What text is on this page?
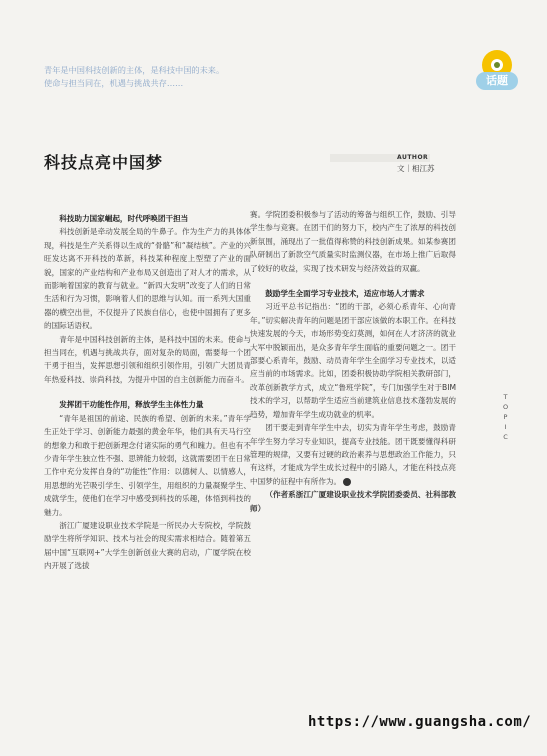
青年是中国科技创新的主体，是科技中国的未来。
使命与担当同在，机遇与挑战共存……	话题
科技点亮中国梦	AUTHOR
文｜相江苏

科技助力国家崛起，时代呼唤团干担当

科技创新是牵动发展全局的牛鼻子。作为生产力的具体体现，科技是生产关系得以生成的“骨骼”和“凝结核”。产业的兴旺发达离不开科技的革新，科技某种程度上型塑了产业的面貌，国家的产业结构和产业布局又创造出了对人才的需求，从而影响着国家的教育与就业。“新四大发明”改变了人们的日常生活和行为习惯，影响着人们的思维与认知。而一系列大国重器的横空出世，不仅提升了民族自信心，也使中国拥有了更多的国际话语权。

青年是中国科技创新的主体，是科技中国的未来。使命与担当同在，机遇与挑战共存，面对复杂的局面，需要每一个团干勇于担当，发挥思想引领和组织引领作用，引领广大团员青年热爱科技、崇尚科技，为提升中国的自主创新能力而奋斗。

发挥团干功能性作用，释放学生主体性力量

“青年是祖国的前途、民族的希望、创新的未来。”青年学生正处于学习、创新能力最强的黄金年华，他们具有天马行空的想象力和敢于把创新理念付诸实际的勇气和魄力。但也有不少青年学生独立性不强、思辨能力较弱，这就需要团干在日常工作中充分发挥自身的“功能性”作用：以德树人、以情感人，用思想的光芒吸引学生、引领学生，用组织的力量凝聚学生、成就学生，使他们在学习中感受到科技的乐趣，体悟到科技的魅力。

浙江广厦建设职业技术学院是一所民办大专院校，学院鼓励学生将所学知识、技术与社会的现实需求相结合。随着第五届中国“互联网+”大学生创新创业大赛的启动，广厦学院在校内开展了选拔

赛。学院团委积极参与了活动的筹备与组织工作，鼓励、引导学生参与竞赛。在团干们的努力下，校内产生了浓厚的科技创新氛围，涌现出了一批值得称赞的科技创新成果。如某参赛团队研制出了新款空气质量实时监测仪器，在市场上推广后取得了较好的收益，实现了技术研发与经济效益的双赢。

鼓励学生全面学习专业技术，适应市场人才需求

习近平总书记指出：“团的干部，必须心系青年、心向青年。”切实解决青年的问题是团干部应该做的本职工作。在科技快速发展的今天，市场形势变幻莫测，如何在人才济济的就业大军中脱颖而出，是众多青年学生面临的重要问题之一。团干部要心系青年，鼓励、动员青年学生全面学习专业技术，以适应当前的市场需求。比如，团委积极协助学院相关教研部门，改革创新教学方式，成立“鲁班学院”，专门加强学生对于BIM技术的学习，以帮助学生适应当前建筑业信息技术蓬勃发展的趋势，增加青年学生成功就业的机率。

团干要走到青年学生中去，切实为青年学生考虑，鼓励青年学生努力学习专业知识，提高专业技能。团干既要懂得科研管理的规律，又要有过硬的政治素养与思想政治工作能力，只有这样，才能成为学生成长过程中的引路人，才能在科技点亮中国梦的征程中有所作为。

（作者系浙江广厦建设职业技术学院团委委员、社科部教师）

T
O
P
I
C
https://www.guangsha.com/
